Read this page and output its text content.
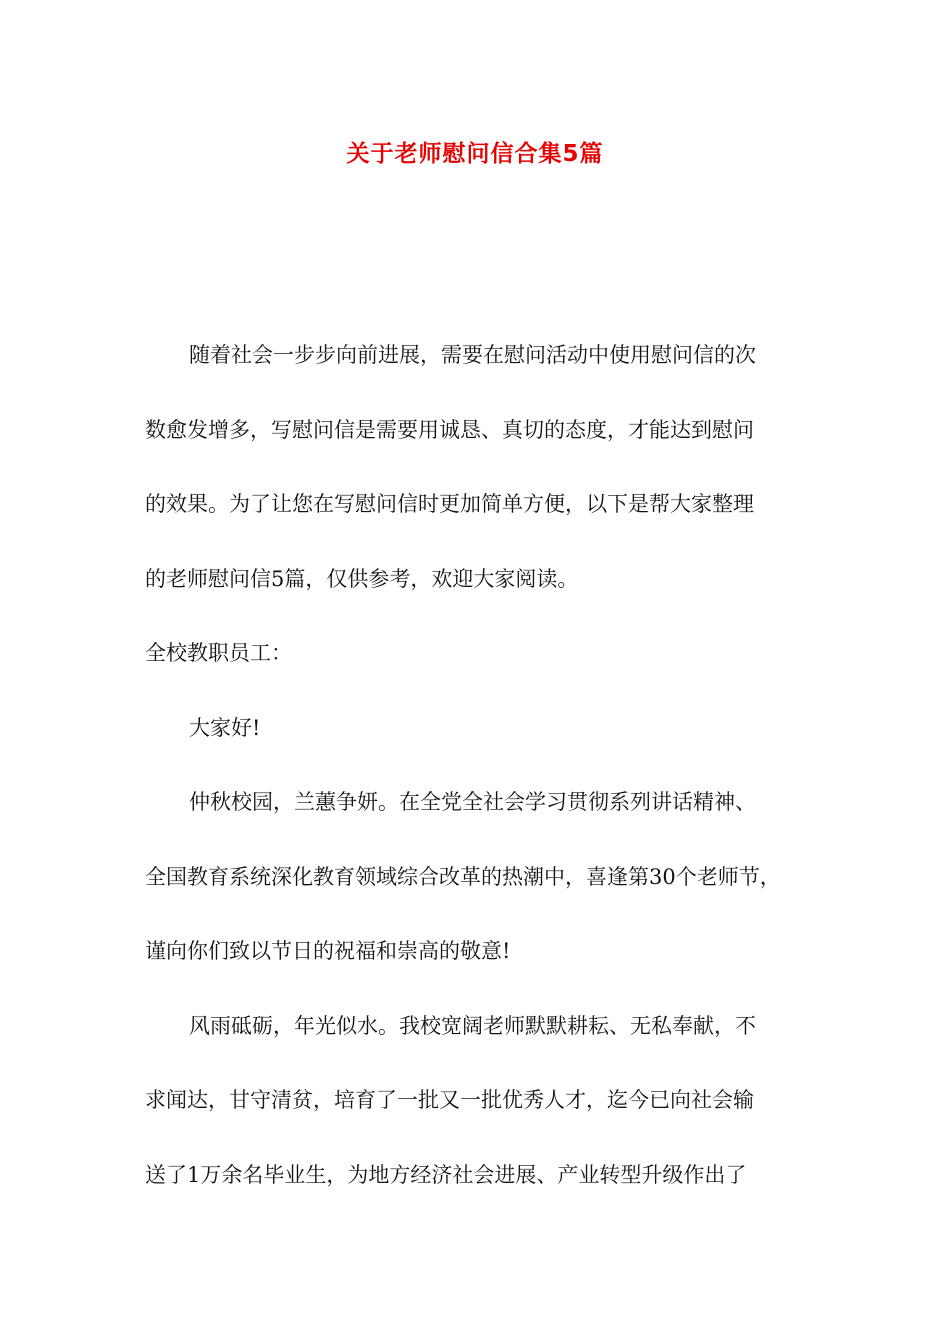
关于老师慰问信合集5篇
随着社会一步步向前进展，需要在慰问活动中使用慰问信的次
数愈发增多，写慰问信是需要用诚恳、真切的态度，才能达到慰问
的效果。为了让您在写慰问信时更加简单方便，以下是帮大家整理
的老师慰问信5篇，仅供参考，欢迎大家阅读。
全校教职员工：
大家好!
仲秋校园，兰蕙争妍。在全党全社会学习贯彻系列讲话精神、
全国教育系统深化教育领域综合改革的热潮中，喜逢第30个老师节，
谨向你们致以节日的祝福和崇高的敬意!
风雨砥砺，年光似水。我校宽阔老师默默耕耘、无私奉献，不
求闻达，甘守清贫，培育了一批又一批优秀人才，迄今已向社会输
送了1万余名毕业生，为地方经济社会进展、产业转型升级作出了
